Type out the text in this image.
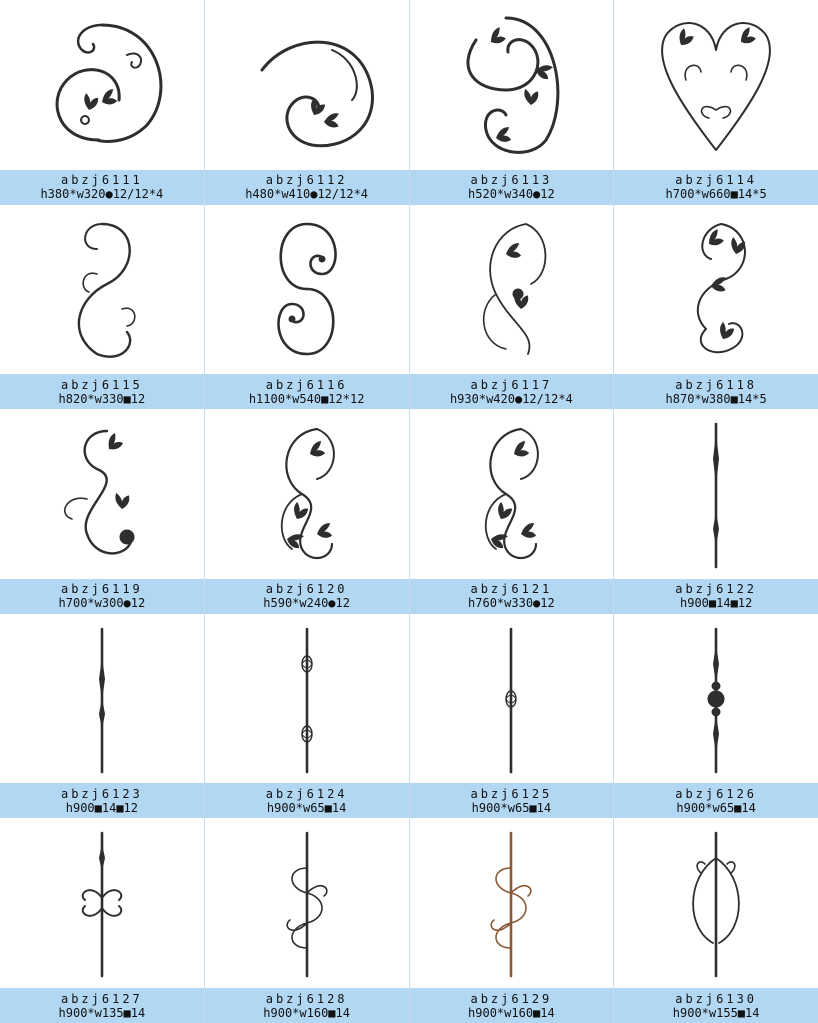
abzj6111
h380*w320●12/12*4
abzj6112
h480*w410●12/12*4
abzj6113
h520*w340●12
abzj6114
h700*w660■14*5
abzj6115
h820*w330■12
abzj6116
h1100*w540■12*12
abzj6117
h930*w420●12/12*4
abzj6118
h870*w380■14*5
abzj6119
h700*w300●12
abzj6120
h590*w240●12
abzj6121
h760*w330●12
abzj6122
h900■14■12
abzj6123
h900■14■12
abzj6124
h900*w65■14
abzj6125
h900*w65■14
abzj6126
h900*w65■14
abzj6127
h900*w135■14
abzj6128
h900*w160■14
abzj6129
h900*w160■14
abzj6130
h900*w155■14
